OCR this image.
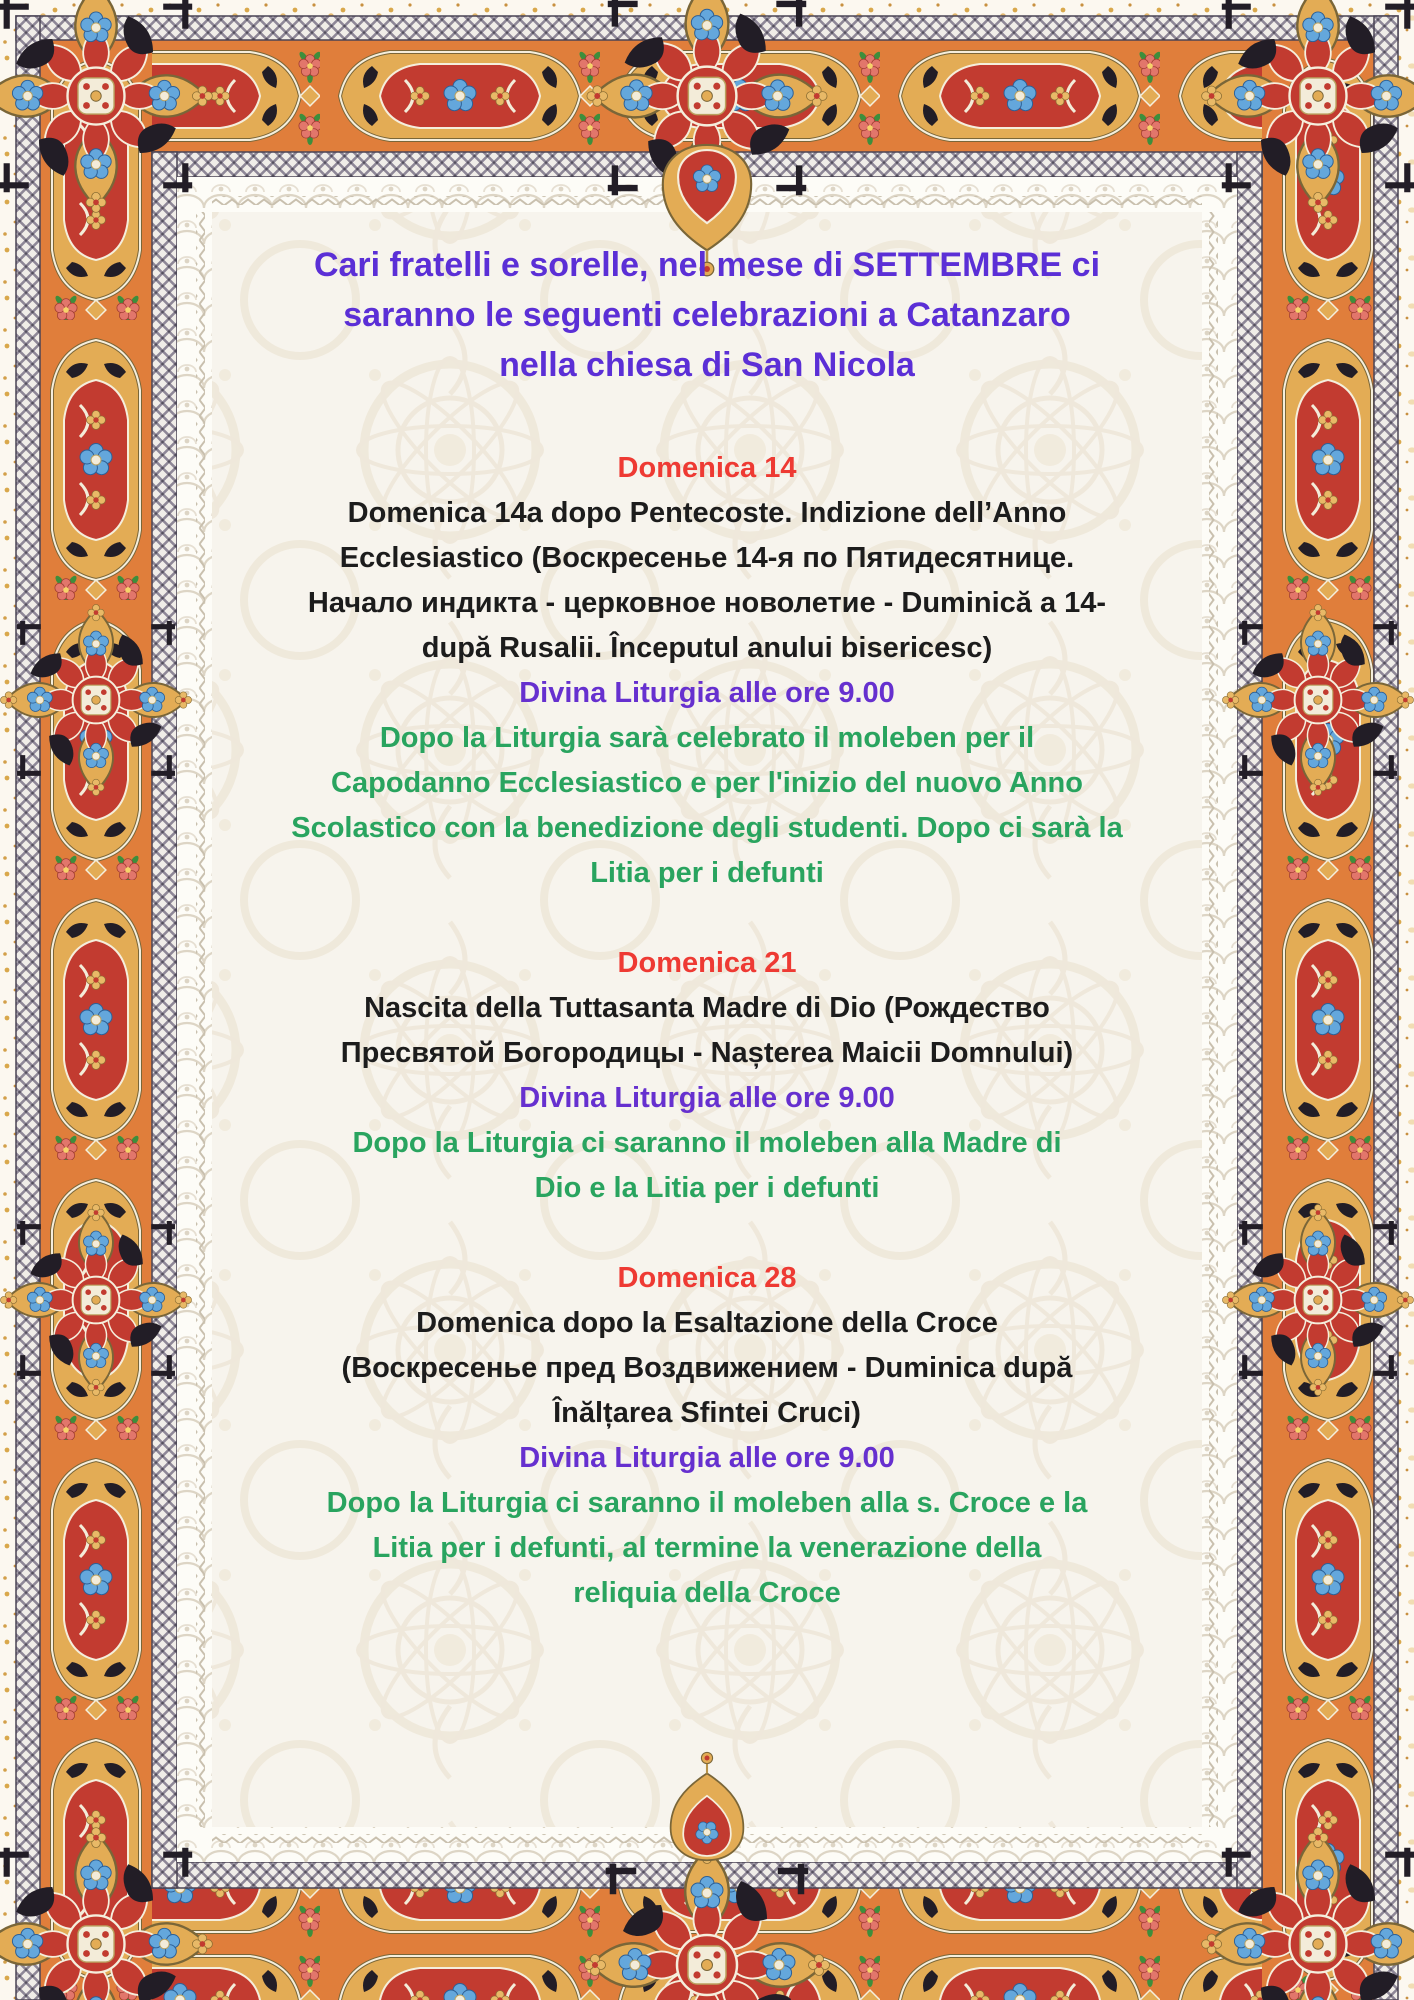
Cari fratelli e sorelle, nel mese di SETTEMBRE ci
saranno le seguenti celebrazioni a Catanzaro
nella chiesa di San Nicola
Domenica 14
Domenica 14a dopo Pentecoste. Indizione dell’Anno
Ecclesiastico (Воскресенье 14-я по Пятидесятнице.
Начало индикта - церковное новолетие - Duminică a 14-
după Rusalii. Începutul anului bisericesc)
Divina Liturgia alle ore 9.00
Dopo la Liturgia sarà celebrato il moleben per il
Capodanno Ecclesiastico e per l'inizio del nuovo Anno
Scolastico con la benedizione degli studenti. Dopo ci sarà la
Litia per i defunti
Domenica 21
Nascita della Tuttasanta Madre di Dio (Рождество
Пресвятой Богородицы - Nașterea Maicii Domnului)
Divina Liturgia alle ore 9.00
Dopo la Liturgia ci saranno il moleben alla Madre di
Dio e la Litia per i defunti
Domenica 28
Domenica dopo la Esaltazione della Croce
(Воскресенье пред Воздвижением - Duminica după
Înălțarea Sfintei Cruci)
Divina Liturgia alle ore 9.00
Dopo la Liturgia ci saranno il moleben alla s. Croce e la
Litia per i defunti, al termine la venerazione della
reliquia della Croce
